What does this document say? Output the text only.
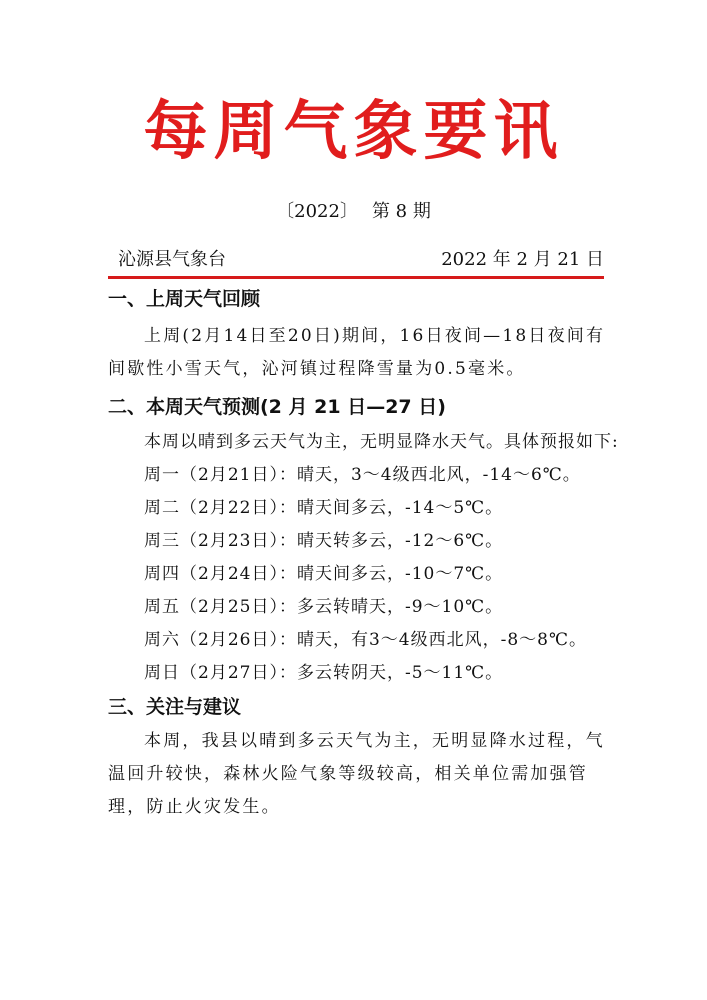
每周气象要讯
〔2022〕 第 8 期
沁源县气象台	2022 年 2 月 21 日
一、上周天气回顾
上周(2月14日至20日)期间，16日夜间—18日夜间有间歇性小雪天气，沁河镇过程降雪量为0.5毫米。
二、本周天气预测(2 月 21 日—27 日)
本周以晴到多云天气为主，无明显降水天气。具体预报如下:
周一（2月21日）：晴天，3～4级西北风，-14～6℃。
周二（2月22日）：晴天间多云，-14～5℃。
周三（2月23日）：晴天转多云，-12～6℃。
周四（2月24日）：晴天间多云，-10～7℃。
周五（2月25日）：多云转晴天，-9～10℃。
周六（2月26日）：晴天，有3～4级西北风，-8～8℃。
周日（2月27日）：多云转阴天，-5～11℃。
三、关注与建议
本周，我县以晴到多云天气为主，无明显降水过程，气温回升较快，森林火险气象等级较高，相关单位需加强管理，防止火灾发生。
